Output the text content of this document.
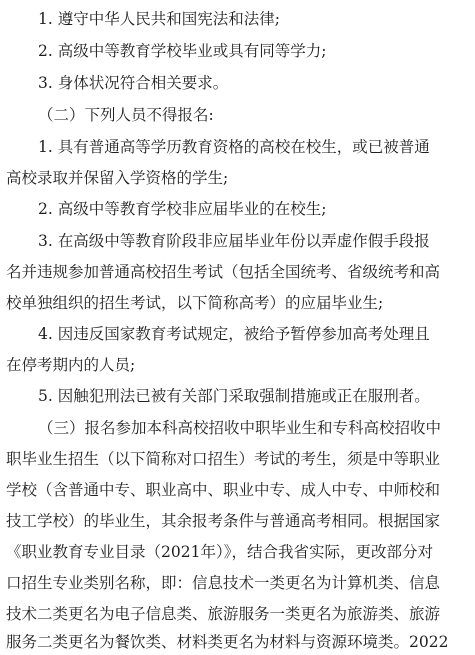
1. 遵守中华人民共和国宪法和法律;
2. 高级中等教育学校毕业或具有同等学力;
3. 身体状况符合相关要求。
（二）下列人员不得报名:
1. 具有普通高等学历教育资格的高校在校生，或已被普通
高校录取并保留入学资格的学生;
2. 高级中等教育学校非应届毕业的在校生;
3. 在高级中等教育阶段非应届毕业年份以弄虚作假手段报
名并违规参加普通高校招生考试（包括全国统考、省级统考和高
校单独组织的招生考试，以下简称高考）的应届毕业生;
4. 因违反国家教育考试规定，被给予暂停参加高考处理且
在停考期内的人员;
5. 因触犯刑法已被有关部门采取强制措施或正在服刑者。
（三）报名参加本科高校招收中职毕业生和专科高校招收中
职毕业生招生（以下简称对口招生）考试的考生，须是中等职业
学校（含普通中专、职业高中、职业中专、成人中专、中师校和
技工学校）的毕业生，其余报考条件与普通高考相同。根据国家
《职业教育专业目录（2021年）》，结合我省实际，更改部分对
口招生专业类别名称，即：信息技术一类更名为计算机类、信息
技术二类更名为电子信息类、旅游服务一类更名为旅游类、旅游
服务二类更名为餐饮类、材料类更名为材料与资源环境类。2022
